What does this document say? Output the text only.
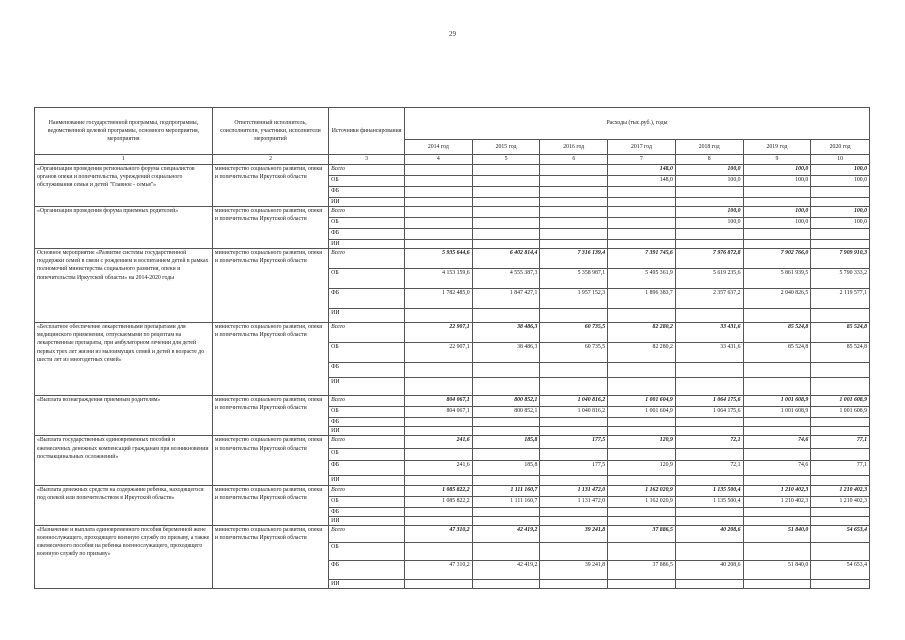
29
Наименование государственной программы, подпрограммы, ведомственной целевой программы, основного мероприятия, мероприятия	Ответственный исполнитель, соисполнители, участники, исполнители мероприятий	Источники финансирования	Расходы (тыс.руб.), годы						
			2014 год	2015 год	2016 год	2017 год	2018 год	2019 год	2020 год
1	2	3	4	5	6	7	8	9	10
«Организация проведения регионального форума специалистов органов опеки и попечительства, учреждений социального обслуживания семьи и детей "Главное - семья"»	министерство социального развития, опеки и попечительства Иркутской области	Всего				148,0	100,0	100,0	100,0
		ОБ				148,0	100,0	100,0	100,0
		ФБ							
		ИИ							
«Организация проведения форума приемных родителей»	министерство социального развития, опеки и попечительства Иркутской области	Всего					100,0	100,0	100,0
		ОБ					100,0	100,0	100,0
		ФБ							
		ИИ							
Основное мероприятие «Развитие системы государственной поддержки семей в связи с рождением и воспитанием детей в рамках полномочий министерства социального развития, опеки и попечительства Иркутской области» на 2014-2020 годы	министерство социального развития, опеки и попечительства Иркутской области	Всего	5 935 644,6	6 402 814,4	7 316 139,4	7 391 745,6	7 976 872,8	7 902 766,0	7 909 910,3
		ОБ	4 153 159,6	4 555 387,3	5 358 987,1	5 495 361,9	5 619 235,6	5 861 939,5	5 790 333,2
		ФБ	1 782 485,0	1 847 427,1	1 957 152,3	1 896 383,7	2 357 637,2	2 040 826,5	2 119 577,1
		ИИ							
«Бесплатное обеспечение лекарственными препаратами для медицинского применения, отпускаемыми по рецептам на лекарственные препараты, при амбулаторном лечении для детей первых трех лет жизни из малоимущих семей и детей в возрасте до шести лет из многодетных семей»	министерство социального развития, опеки и попечительства Иркутской области	Всего	22 907,1	38 486,3	60 735,5	82 280,2	33 431,6	85 524,8	85 524,8
		ОБ	22 907,1	38 486,3	60 735,5	82 280,2	33 431,6	85 524,8	85 524,8
		ФБ							
		ИИ							
«Выплата вознаграждения приемным родителям»	министерство социального развития, опеки и попечительства Иркутской области	Всего	804 067,1	800 852,1	1 040 816,2	1 001 604,9	1 064 175,6	1 001 608,9	1 001 608,9
		ОБ	804 067,1	800 852,1	1 040 816,2	1 001 604,9	1 064 175,6	1 001 608,9	1 001 608,9
		ФБ							
		ИИ							
«Выплата государственных единовременных пособий и ежемесячных денежных компенсаций гражданам при возникновении поствакцинальных осложнений»	министерство социального развития, опеки и попечительства Иркутской области	Всего	241,6	185,8	177,5	120,9	72,1	74,6	77,1
		ОБ							
		ФБ	241,6	185,8	177,5	120,9	72,1	74,6	77,1
		ИИ							
«Выплата денежных средств на содержание ребенка, находящегося под опекой или попечительством в Иркутской области»	министерство социального развития, опеки и попечительства Иркутской области	Всего	1 085 822,2	1 111 160,7	1 131 472,0	1 162 020,9	1 135 500,4	1 210 402,3	1 210 402,3
		ОБ	1 085 822,2	1 111 160,7	1 131 472,0	1 162 020,9	1 135 500,4	1 210 402,3	1 210 402,3
		ФБ							
		ИИ							
«Назначение и выплата единовременного пособия беременной жене военнослужащего, проходящего военную службу по призыву, а также ежемесячного пособия на ребенка военнослужащего, проходящего военную службу по призыву»	министерство социального развития, опеки и попечительства Иркутской области	Всего	47 310,2	42 419,2	39 241,8	37 886,5	40 208,6	51 840,0	54 653,4
		ОБ							
		ФБ	47 310,2	42 419,2	39 241,8	37 886,5	40 208,6	51 840,0	54 653,4
		ИИ							
